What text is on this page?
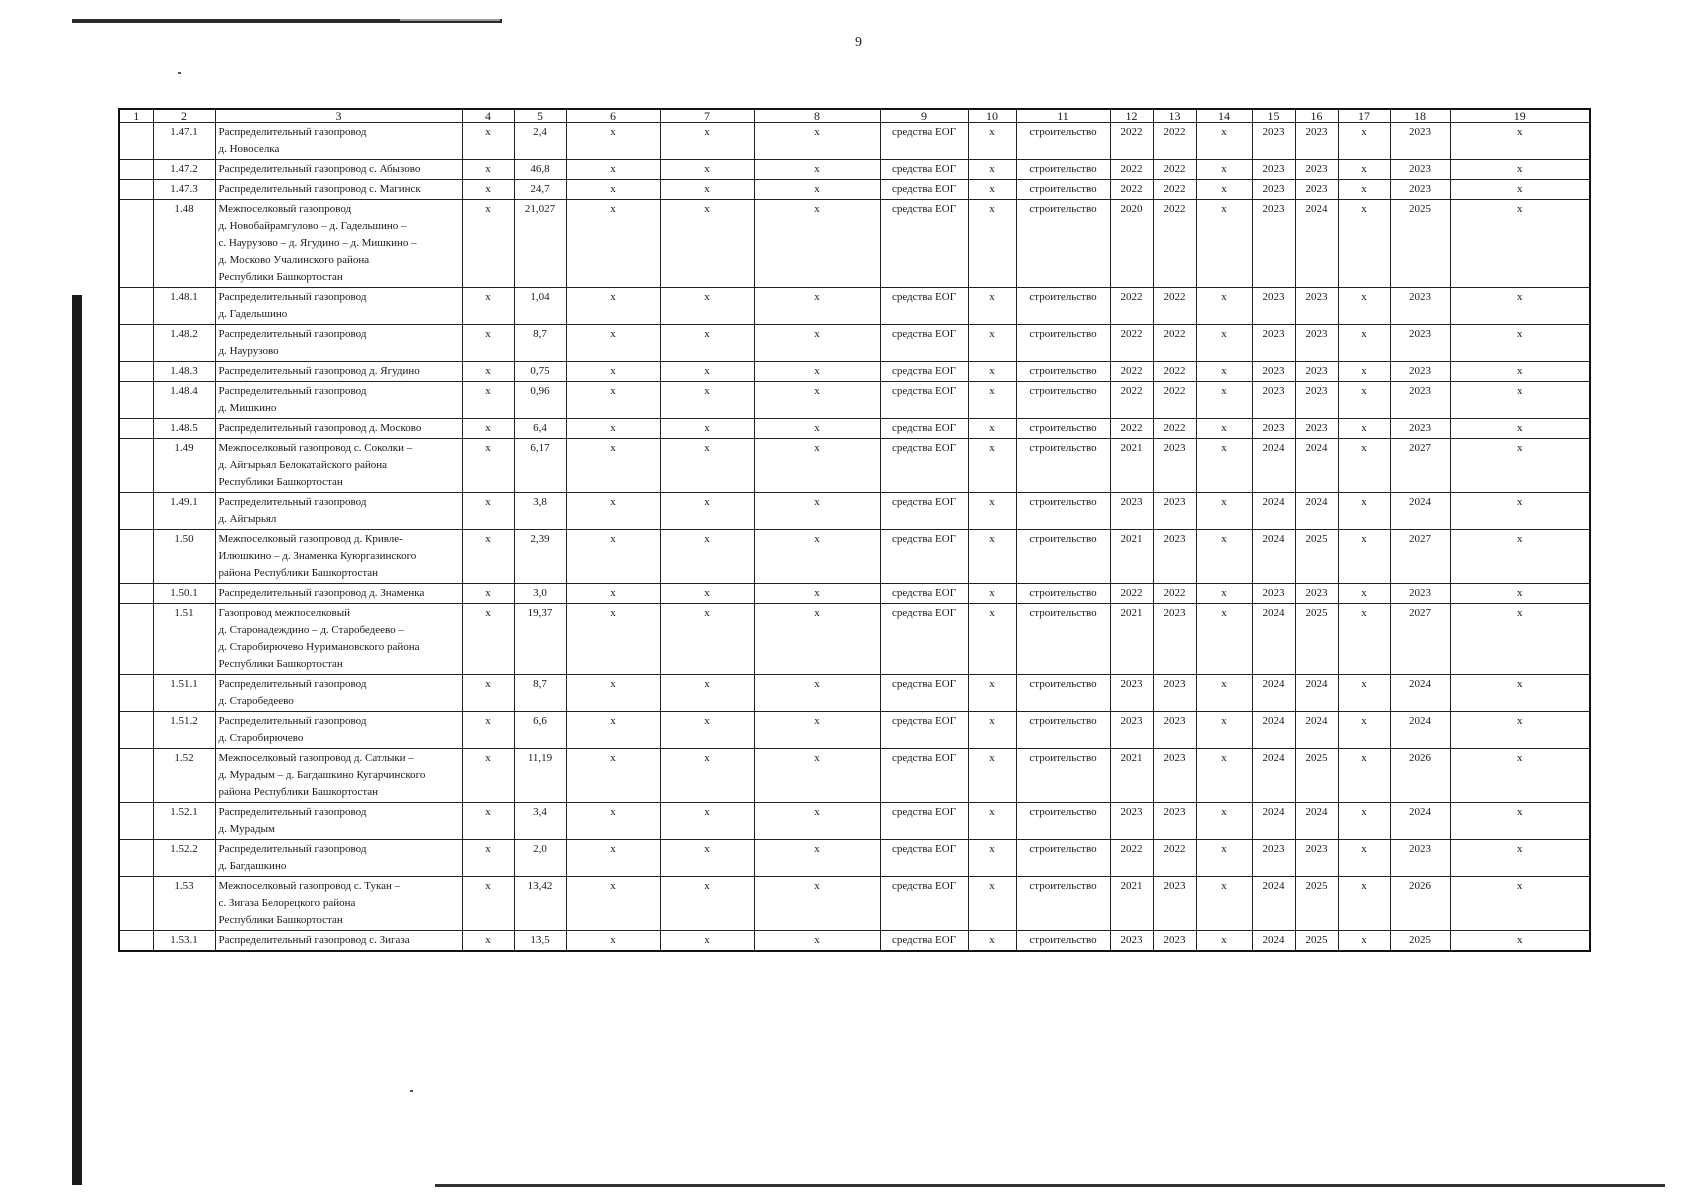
9
1	2	3	4	5	6	7	8	9	10	11	12	13	14	15	16	17	18	19
	1.47.1	Распределительный газопровод
д. Новоселка	х	2,4	х	х	х	средства ЕОГ	х	строительство	2022	2022	х	2023	2023	х	2023	х
	1.47.2	Распределительный газопровод с. Абызово	х	46,8	х	х	х	средства ЕОГ	х	строительство	2022	2022	х	2023	2023	х	2023	х
	1.47.3	Распределительный газопровод с. Магинск	х	24,7	х	х	х	средства ЕОГ	х	строительство	2022	2022	х	2023	2023	х	2023	х
	1.48	Межпоселковый газопровод
д. Новобайрамгулово – д. Гадельшино –
с. Наурузово – д. Ягудино – д. Мишкино –
д. Москово Учалинского района
Республики Башкортостан	х	21,027	х	х	х	средства ЕОГ	х	строительство	2020	2022	х	2023	2024	х	2025	х
	1.48.1	Распределительный газопровод
д. Гадельшино	х	1,04	х	х	х	средства ЕОГ	х	строительство	2022	2022	х	2023	2023	х	2023	х
	1.48.2	Распределительный газопровод
д. Наурузово	х	8,7	х	х	х	средства ЕОГ	х	строительство	2022	2022	х	2023	2023	х	2023	х
	1.48.3	Распределительный газопровод д. Ягудино	х	0,75	х	х	х	средства ЕОГ	х	строительство	2022	2022	х	2023	2023	х	2023	х
	1.48.4	Распределительный газопровод
д. Мишкино	х	0,96	х	х	х	средства ЕОГ	х	строительство	2022	2022	х	2023	2023	х	2023	х
	1.48.5	Распределительный газопровод д. Москово	х	6,4	х	х	х	средства ЕОГ	х	строительство	2022	2022	х	2023	2023	х	2023	х
	1.49	Межпоселковый газопровод с. Соколки –
д. Айгырьял Белокатайского района
Республики Башкортостан	х	6,17	х	х	х	средства ЕОГ	х	строительство	2021	2023	х	2024	2024	х	2027	х
	1.49.1	Распределительный газопровод
д. Айгырьял	х	3,8	х	х	х	средства ЕОГ	х	строительство	2023	2023	х	2024	2024	х	2024	х
	1.50	Межпоселковый газопровод д. Кривле-
Илюшкино – д. Знаменка Куюргазинского
района Республики Башкортостан	х	2,39	х	х	х	средства ЕОГ	х	строительство	2021	2023	х	2024	2025	х	2027	х
	1.50.1	Распределительный газопровод д. Знаменка	х	3,0	х	х	х	средства ЕОГ	х	строительство	2022	2022	х	2023	2023	х	2023	х
	1.51	Газопровод межпоселковый
д. Старонадеждино – д. Старобедеево –
д. Старобирючево Нуримановского района
Республики Башкортостан	х	19,37	х	х	х	средства ЕОГ	х	строительство	2021	2023	х	2024	2025	х	2027	х
	1.51.1	Распределительный газопровод
д. Старобедеево	х	8,7	х	х	х	средства ЕОГ	х	строительство	2023	2023	х	2024	2024	х	2024	х
	1.51.2	Распределительный газопровод
д. Старобирючево	х	6,6	х	х	х	средства ЕОГ	х	строительство	2023	2023	х	2024	2024	х	2024	х
	1.52	Межпоселковый газопровод д. Сатлыки –
д. Мурадым – д. Багдашкино Кугарчинского
района Республики Башкортостан	х	11,19	х	х	х	средства ЕОГ	х	строительство	2021	2023	х	2024	2025	х	2026	х
	1.52.1	Распределительный газопровод
д. Мурадым	х	3,4	х	х	х	средства ЕОГ	х	строительство	2023	2023	х	2024	2024	х	2024	х
	1.52.2	Распределительный газопровод
д. Багдашкино	х	2,0	х	х	х	средства ЕОГ	х	строительство	2022	2022	х	2023	2023	х	2023	х
	1.53	Межпоселковый газопровод с. Тукан –
с. Зигаза Белорецкого района
Республики Башкортостан	х	13,42	х	х	х	средства ЕОГ	х	строительство	2021	2023	х	2024	2025	х	2026	х
	1.53.1	Распределительный газопровод с. Зигаза	х	13,5	х	х	х	средства ЕОГ	х	строительство	2023	2023	х	2024	2025	х	2025	х
